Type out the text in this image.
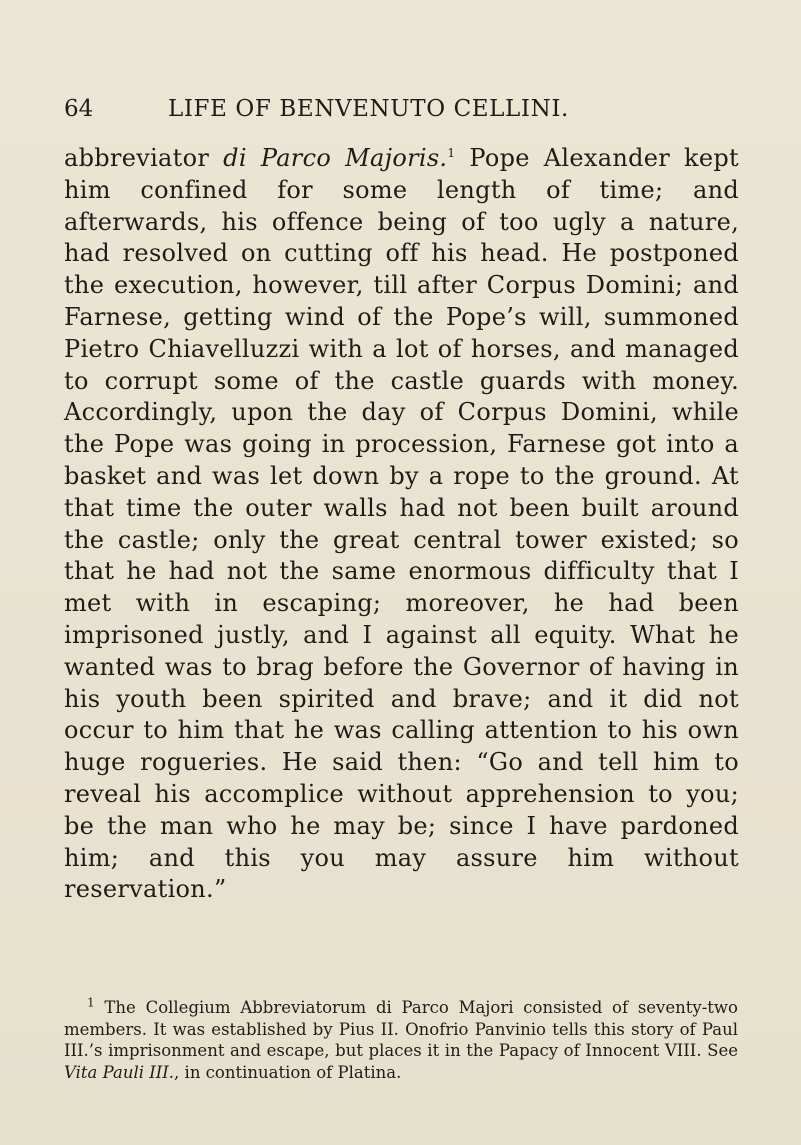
64	LIFE OF BENVENUTO CELLINI.

abbreviator di Parco Majoris.$^1$ Pope Alexander kept him confined for some length of time; and afterwards, his offence being of too ugly a nature, had resolved on cutting off his head. He postponed the execution, however, till after Corpus Domini; and Farnese, getting wind of the Pope’s will, summoned Pietro Chiavelluzzi with a lot of horses, and managed to corrupt some of the castle guards with money. Accordingly, upon the day of Corpus Domini, while the Pope was going in procession, Farnese got into a basket and was let down by a rope to the ground. At that time the outer walls had not been built around the castle; only the great central tower existed; so that he had not the same enormous difficulty that I met with in escaping; moreover, he had been imprisoned justly, and I against all equity. What he wanted was to brag before the Governor of having in his youth been spirited and brave; and it did not occur to him that he was calling attention to his own huge rogueries. He said then: “Go and tell him to reveal his accomplice without apprehension to you; be the man who he may be; since I have pardoned him; and this you may assure him without reservation.”

$^1$ The Collegium Abbreviatorum di Parco Majori consisted of seventy-two members. It was established by Pius II. Onofrio Panvinio tells this story of Paul III.’s imprisonment and escape, but places it in the Papacy of Innocent VIII. See Vita Pauli III., in continuation of Platina.
